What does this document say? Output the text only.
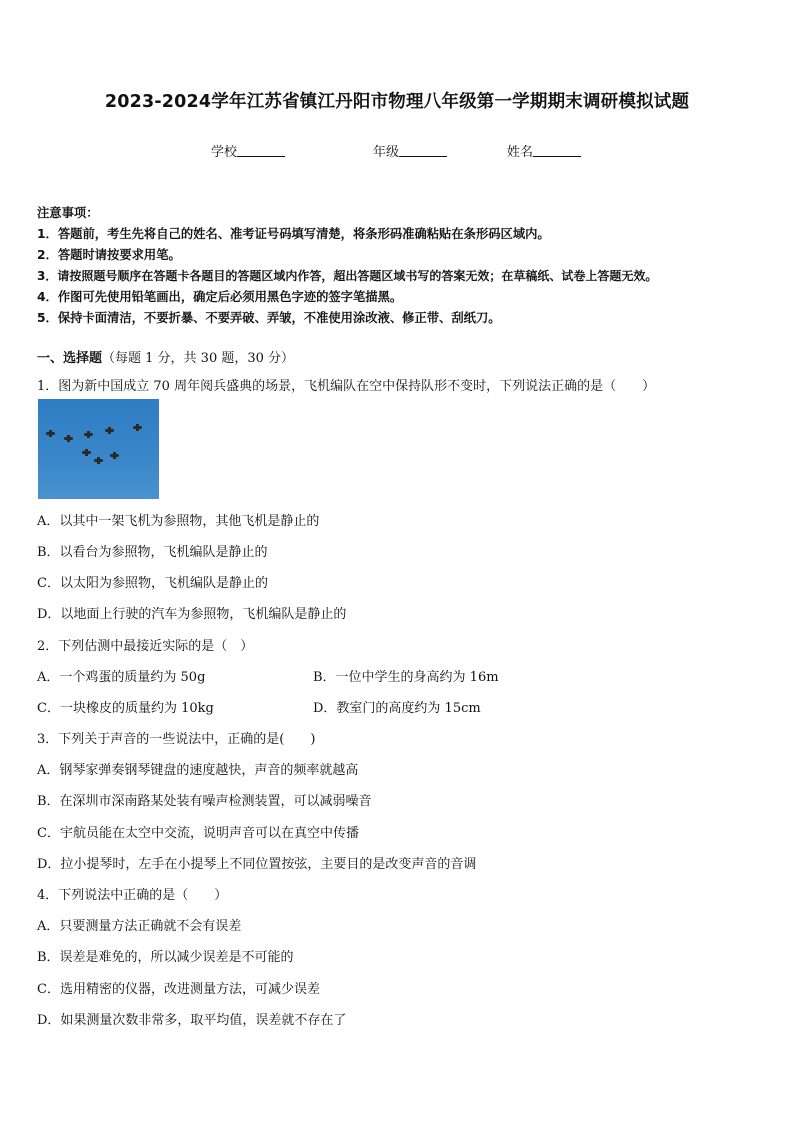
2023-2024学年江苏省镇江丹阳市物理八年级第一学期期末调研模拟试题
学校	年级	姓名
注意事项：
1．答题前，考生先将自己的姓名、准考证号码填写清楚，将条形码准确粘贴在条形码区域内。
2．答题时请按要求用笔。
3．请按照题号顺序在答题卡各题目的答题区域内作答，超出答题区域书写的答案无效；在草稿纸、试卷上答题无效。
4．作图可先使用铅笔画出，确定后必须用黑色字迹的签字笔描黑。
5．保持卡面清洁，不要折暴、不要弄破、弄皱，不准使用涂改液、修正带、刮纸刀。
一、选择题（每题 1 分，共 30 题，30 分）
1．图为新中国成立 70 周年阅兵盛典的场景，飞机编队在空中保持队形不变时，下列说法正确的是（　　）
A．以其中一架飞机为参照物，其他飞机是静止的
B．以看台为参照物，飞机编队是静止的
C．以太阳为参照物，飞机编队是静止的
D．以地面上行驶的汽车为参照物，飞机编队是静止的
2．下列估测中最接近实际的是（　）
A．一个鸡蛋的质量约为 50g	B．一位中学生的身高约为 16m
C．一块橡皮的质量约为 10kg	D．教室门的高度约为 15cm
3．下列关于声音的一些说法中，正确的是(　　)
A．钢琴家弹奏钢琴键盘的速度越快，声音的频率就越高
B．在深圳市深南路某处装有噪声检测装置，可以减弱噪音
C．宇航员能在太空中交流，说明声音可以在真空中传播
D．拉小提琴时，左手在小提琴上不同位置按弦，主要目的是改变声音的音调
4．下列说法中正确的是（　　）
A．只要测量方法正确就不会有误差
B．误差是难免的，所以减少误差是不可能的
C．选用精密的仪器，改进测量方法，可减少误差
D．如果测量次数非常多，取平均值，误差就不存在了
